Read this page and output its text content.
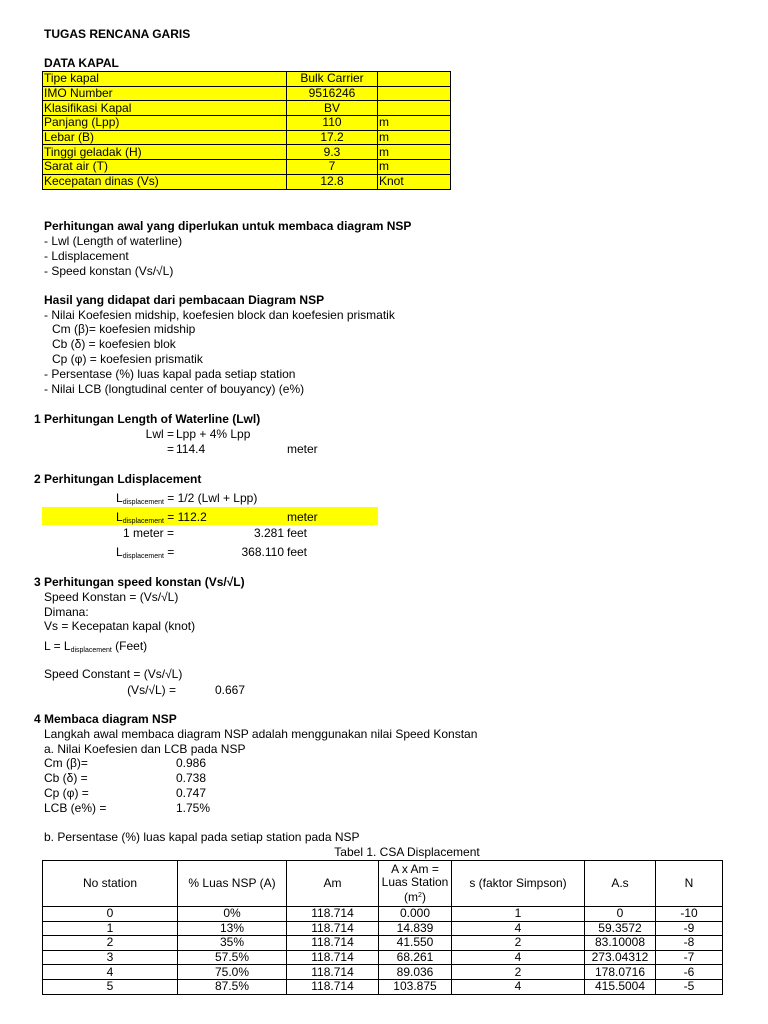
TUGAS RENCANA GARIS
DATA KAPAL
Tipe kapal	Bulk Carrier	
IMO Number	9516246	
Klasifikasi Kapal	BV	
Panjang (Lpp)	110	m
Lebar (B)	17.2	m
Tinggi geladak (H)	9.3	m
Sarat air (T)	7	m
Kecepatan dinas (Vs)	12.8	Knot
Perhitungan awal yang diperlukan untuk membaca diagram NSP
- Lwl (Length of waterline)
- Ldisplacement
- Speed konstan (Vs/√L)
Hasil yang didapat dari pembacaan Diagram NSP
- Nilai Koefesien midship, koefesien block dan koefesien prismatik
Cm (β)= koefesien midship
Cb (δ) = koefesien blok
Cp (φ) = koefesien prismatik
- Persentase (%) luas kapal pada setiap station
- Nilai LCB (longtudinal center of bouyancy) (e%)
1 Perhitungan Length of Waterline (Lwl)
Lwl = Lpp + 4% Lpp
= 114.4	meter
2 Perhitungan Ldisplacement
$L_{displacement} = 1/2$ (Lwl + Lpp)
$L_{displacement} = 112.2$	meter
1 meter =	3.281 feet
$L_{displacement}$ =	368.110 feet
3 Perhitungan speed konstan (Vs/√L)
Speed Konstan = (Vs/√L)
Dimana:
Vs = Kecepatan kapal (knot)
$L = L_{displacement}$ (Feet)
Speed Constant = (Vs/√L)
(Vs/√L) =	0.667
4 Membaca diagram NSP
Langkah awal membaca diagram NSP adalah menggunakan nilai Speed Konstan
a. Nilai Koefesien dan LCB pada NSP
Cm (β)=	0.986
Cb (δ) =	0.738
Cp (φ) =	0.747
LCB (e%) =	1.75%
b. Persentase (%) luas kapal pada setiap station pada NSP
Tabel 1. CSA Displacement
No station	% Luas NSP (A)	Am	A x Am =
Luas Station
$(m^2)$	s (faktor Simpson)	A.s	N
0	0%	118.714	0.000	1	0	-10
1	13%	118.714	14.839	4	59.3572	-9
2	35%	118.714	41.550	2	83.10008	-8
3	57.5%	118.714	68.261	4	273.04312	-7
4	75.0%	118.714	89.036	2	178.0716	-6
5	87.5%	118.714	103.875	4	415.5004	-5
